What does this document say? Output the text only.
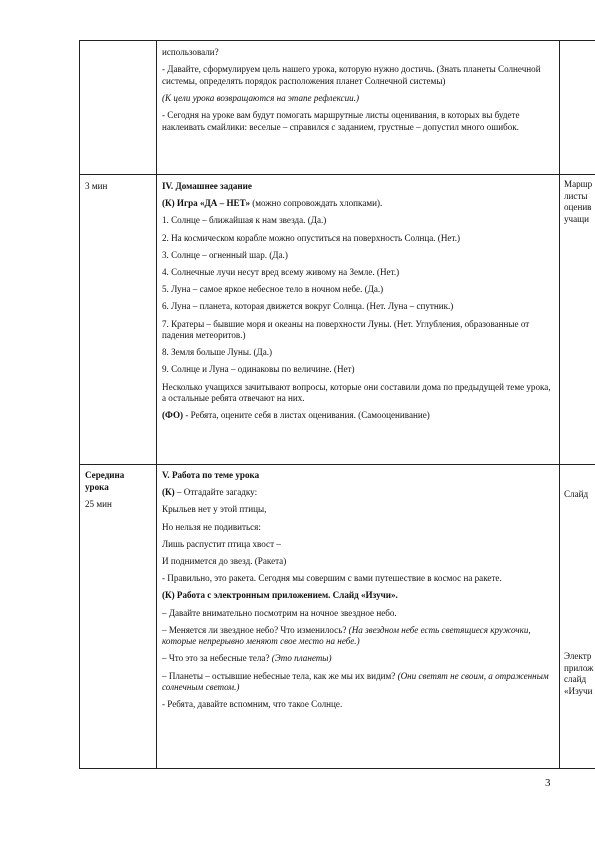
использовали?

- Давайте, сформулируем цель нашего урока, которую нужно достичь. (Знать планеты Солнечной системы, определять порядок расположения планет Солнечной системы)

(К цели урока возвращаются на этапе рефлексии.)

- Сегодня на уроке вам будут помогать маршрутные листы оценивания, в которых вы будете наклеивать смайлики: веселые – справился с заданием, грустные – допустил много ошибок.

3 мин	IV. Домашнее задание

(К) Игра «ДА – НЕТ» (можно сопровождать хлопками).

1. Солнце – ближайшая к нам звезда. (Да.)

2. На космическом корабле можно опуститься на поверхность Солнца. (Нет.)

3. Солнце – огненный шар. (Да.)

4. Солнечные лучи несут вред всему живому на Земле. (Нет.)

5. Луна – самое яркое небесное тело в ночном небе. (Да.)

6. Луна – планета, которая движется вокруг Солнца. (Нет. Луна – спутник.)

7. Кратеры – бывшие моря и океаны на поверхности Луны. (Нет. Углубления, образованные от падения метеоритов.)

8. Земля больше Луны. (Да.)

9. Солнце и Луна – одинаковы по величине. (Нет)

Несколько учащихся зачитывают вопросы, которые они составили дома по предыдущей теме урока, а остальные ребята отвечают на них.

(ФО) - Ребята, оцените себя в листах оценивания. (Самооценивание)

Маршр
листы
оценив
учащи
Середина
урока
25 мин

V. Работа по теме урока

(К) – Отгадайте загадку:

Крыльев нет у этой птицы,

Но нельзя не подивиться:

Лишь распустит птица хвост –

И поднимется до звезд. (Ракета)

- Правильно, это ракета. Сегодня мы совершим с вами путешествие в космос на ракете.

(К) Работа с электронным приложением. Слайд «Изучи».

– Давайте внимательно посмотрим на ночное звездное небо.

– Меняется ли звездное небо? Что изменилось? (На звездном небе есть светящиеся кружочки, которые непрерывно меняют свое место на небе.)

– Что это за небесные тела? (Это планеты)

– Планеты – остывшие небесные тела, как же мы их видим? (Они светят не своим, а отраженным солнечным светом.)

- Ребята, давайте вспомним, что такое Солнце.

Слайд
Электр
прилож
слайд
«Изучи
3
